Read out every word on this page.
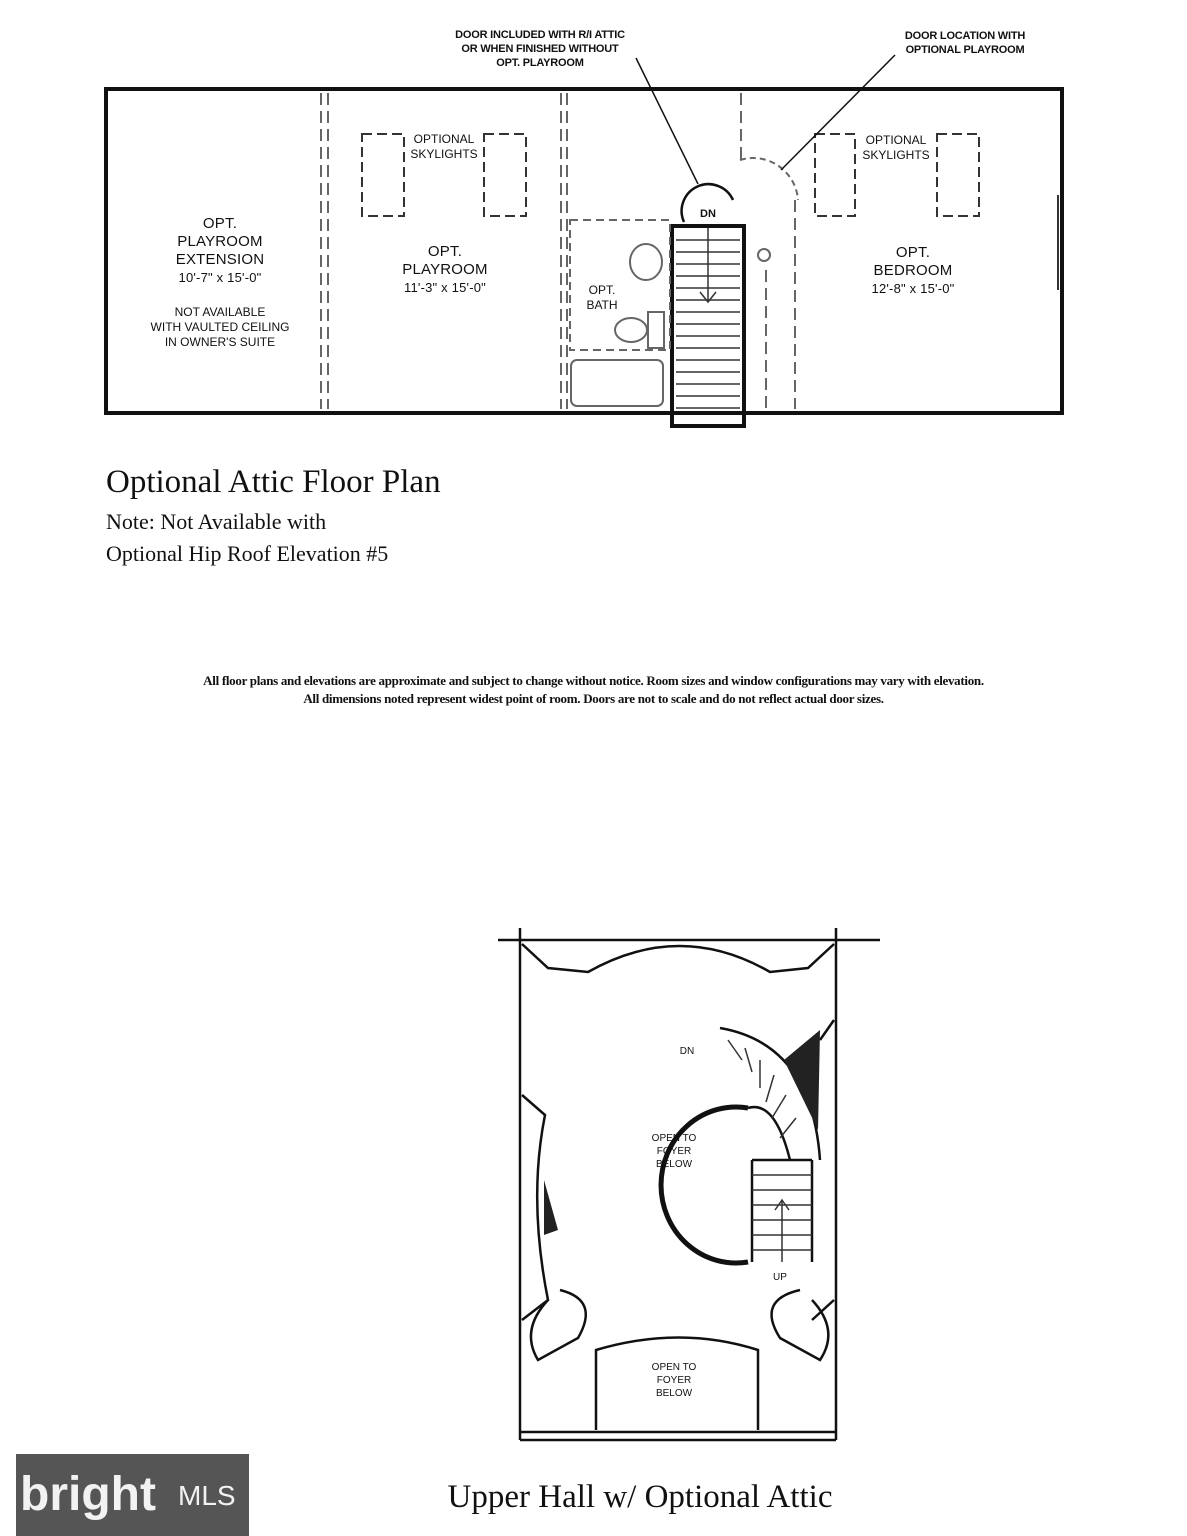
DOOR INCLUDED WITH R/I ATTIC
OR WHEN FINISHED WITHOUT
OPT. PLAYROOM
DOOR LOCATION WITH
OPTIONAL PLAYROOM
OPT.
PLAYROOM
EXTENSION
10'-7" x 15'-0"
NOT AVAILABLE
WITH VAULTED CEILING
IN OWNER'S SUITE
OPT.
PLAYROOM
11'-3" x 15'-0"	OPT.
BATH
OPT.
BEDROOM
12'-8" x 15'-0"
OPTIONAL
SKYLIGHTS
OPTIONAL
SKYLIGHTS
DN
Optional Attic Floor Plan
Note: Not Available with
Optional Hip Roof Elevation #5
All floor plans and elevations are approximate and subject to change without notice. Room sizes and window configurations may vary with elevation.
All dimensions noted represent widest point of room. Doors are not to scale and do not reflect actual door sizes.
DN
UP
OPEN TO
FOYER
BELOW
OPEN TO
FOYER
BELOW
Upper Hall w/ Optional Attic
bright MLS
